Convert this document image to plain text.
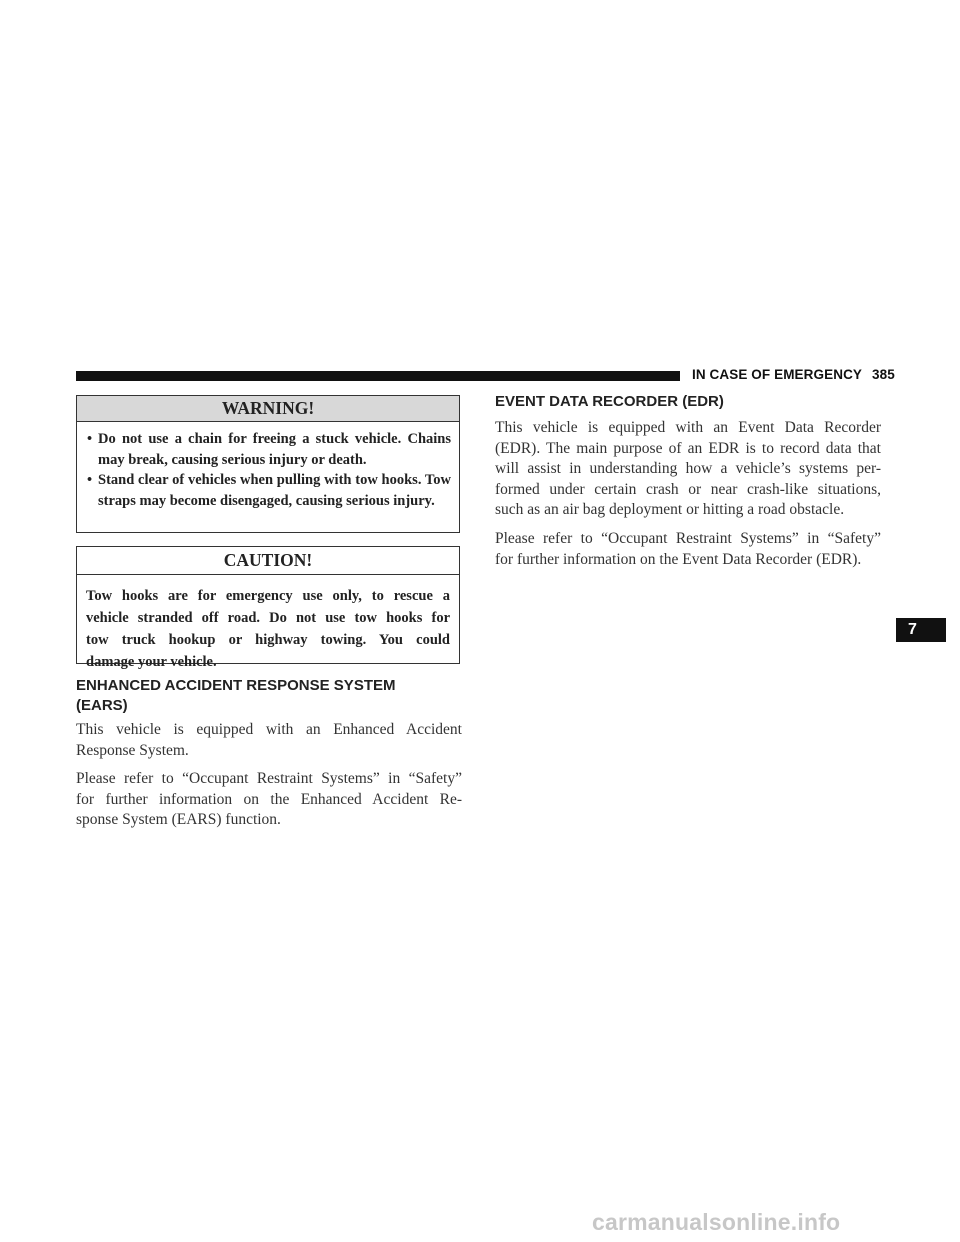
IN CASE OF EMERGENCY 385
WARNING!
• Do not use a chain for freeing a stuck vehicle. Chains may break, causing serious injury or death.
• Stand clear of vehicles when pulling with tow hooks. Tow straps may become disengaged, causing serious injury.
CAUTION!
Tow hooks are for emergency use only, to rescue a
vehicle stranded off road. Do not use tow hooks for
tow truck hookup or highway towing. You could
damage your vehicle.
ENHANCED ACCIDENT RESPONSE SYSTEM
(EARS)

This vehicle is equipped with an Enhanced Accident
Response System.

Please refer to “Occupant Restraint Systems” in “Safety”
for further information on the Enhanced Accident Re-
sponse System (EARS) function.

EVENT DATA RECORDER (EDR)

This vehicle is equipped with an Event Data Recorder
(EDR). The main purpose of an EDR is to record data that
will assist in understanding how a vehicle’s systems per-
formed under certain crash or near crash-like situations,
such as an air bag deployment or hitting a road obstacle.

Please refer to “Occupant Restraint Systems” in “Safety”
for further information on the Event Data Recorder (EDR).

7
carmanualsonline.info
